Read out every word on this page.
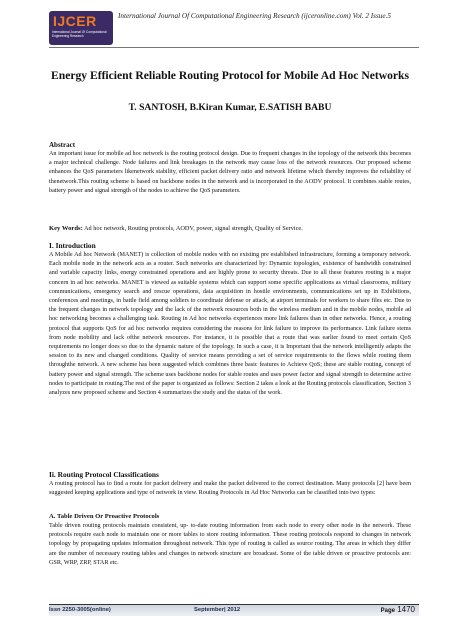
IJCER
International Journal Of Computational Engineering Research
International Journal Of Computational Engineering Research (ijceronline.com) Vol. 2 Issue.5
Energy Efficient Reliable Routing Protocol for Mobile Ad Hoc Networks
T. SANTOSH, B.Kiran Kumar, E.SATISH BABU
Abstract
An important issue for mobile ad hoc network is the routing protocol design. Due to frequent changes in the topology of the network this becomes a major technical challenge. Node failures and link breakages in the network may cause loss of the network resources. Our proposed scheme enhances the QoS parameters likenetwork stability, efficient packet delivery ratio and network lifetime which thereby improves the reliability of thenetwork.This routing scheme is based on backbone nodes in the network and is incorporated in the AODV protocol. It combines stable routes, battery power and signal strength of the nodes to achieve the QoS parameters.
Key Words: Ad hoc network, Routing protocols, AODV, power, signal strength, Quality of Service.
I. Introduction
A Mobile Ad hoc Network (MANET) is collection of mobile nodes with no existing pre established infrastructure, forming a temporary network. Each mobile node in the network acts as a router. Such networks are characterized by: Dynamic topologies, existence of bandwidth constrained and variable capacity links, energy constrained operations and are highly prone to security threats. Due to all these features routing is a major concern in ad hoc networks. MANET is viewed as suitable systems which can support some specific applications as virtual classrooms, military communications, emergency search and rescue operations, data acquisition in hostile environments, communications set up in Exhibitions, conferences and meetings, in battle field among soldiers to coordinate defense or attack, at airport terminals for workers to share files etc. Due to the frequent changes in network topology and the lack of the network resources both in the wireless medium and in the mobile nodes, mobile ad hoc networking becomes a challenging task. Routing in Ad hoc networks experiences more link failures than in other networks. Hence, a routing protocol that supports QoS for ad hoc networks requires considering the reasons for link failure to improve its performance. Link failure stems from node mobility and lack ofthe network resources. For instance, it is possible that a route that was earlier found to meet certain QoS requirements no longer does so due to the dynamic nature of the topology. In such a case, it is Important that the network intelligently adapts the session to its new and changed conditions. Quality of service means providing a set of service requirements to the flows while routing them throughthe network. A new scheme has been suggested which combines three basic features to Achieve QoS; these are stable routing, concept of battery power and signal strength. The scheme uses backbone nodes for stable routes and uses power factor and signal strength to determine active nodes to participate in routing.The rest of the paper is organized as follows: Section 2 takes a look at the Routing protocols classification, Section 3 analyzes new proposed scheme and Section 4 summarizes the study and the status of the work.
Ii. Routing Protocol Classifications
A routing protocol has to find a route for packet delivery and make the packet delivered to the correct destination. Many protocols [2] have been suggested keeping applications and type of network in view. Routing Protocols in Ad Hoc Networks can be classified into two types:
A. Table Driven Or Proactive Protocols
Table driven routing protocols maintain consistent, up- to-date routing information from each node to every other node in the network. These protocols require each node to maintain one or more tables to store routing information. These routing protocols respond to changes in network topology by propagating updates information throughout network. This type of routing is called as source routing. The areas in which they differ are the number of necessary routing tables and changes in network structure are broadcast. Some of the table driven or proactive protocols are: GSR, WRP, ZRP, STAR etc.
Issn 2250-3005(online)	September| 2012	Page 1470
